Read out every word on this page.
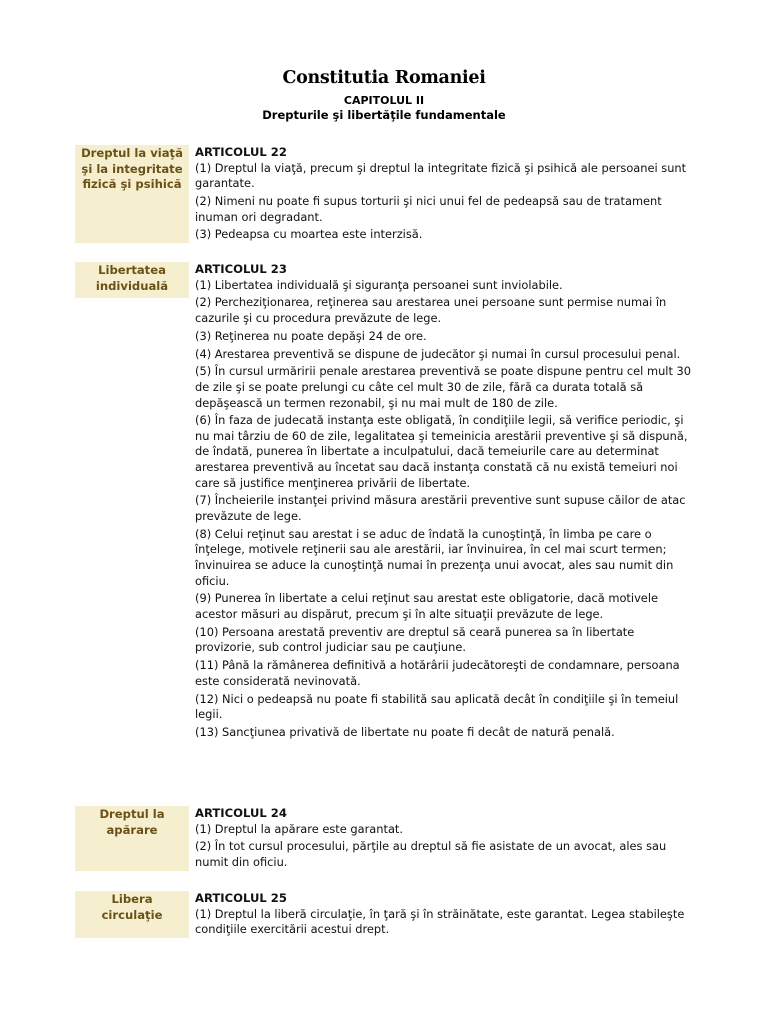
Constitutia Romaniei
CAPITOLUL II
Drepturile şi libertăţile fundamentale
Dreptul la viaţă
şi la integritate
fizică şi psihică
ARTICOLUL 22
(1) Dreptul la viaţă, precum şi dreptul la integritate fizică şi psihică ale persoanei sunt garantate.
(2) Nimeni nu poate fi supus torturii şi nici unui fel de pedeapsă sau de tratament inuman ori degradant.
(3) Pedeapsa cu moartea este interzisă.
Libertatea
individuală
ARTICOLUL 23
(1) Libertatea individuală şi siguranţa persoanei sunt inviolabile.
(2) Percheziţionarea, reţinerea sau arestarea unei persoane sunt permise numai în cazurile şi cu procedura prevăzute de lege.
(3) Reţinerea nu poate depăşi 24 de ore.
(4) Arestarea preventivă se dispune de judecător şi numai în cursul procesului penal.
(5) În cursul urmăririi penale arestarea preventivă se poate dispune pentru cel mult 30 de zile şi se poate prelungi cu câte cel mult 30 de zile, fără ca durata totală să depăşească un termen rezonabil, şi nu mai mult de 180 de zile.
(6) În faza de judecată instanţa este obligată, în condiţiile legii, să verifice periodic, şi nu mai târziu de 60 de zile, legalitatea şi temeinicia arestării preventive şi să dispună, de îndată, punerea în libertate a inculpatului, dacă temeiurile care au determinat arestarea preventivă au încetat sau dacă instanţa constată că nu există temeiuri noi care să justifice menţinerea privării de libertate.
(7) Încheierile instanţei privind măsura arestării preventive sunt supuse căilor de atac prevăzute de lege.
(8) Celui reţinut sau arestat i se aduc de îndată la cunoştinţă, în limba pe care o înţelege, motivele reţinerii sau ale arestării, iar învinuirea, în cel mai scurt termen; învinuirea se aduce la cunoştinţă numai în prezenţa unui avocat, ales sau numit din oficiu.
(9) Punerea în libertate a celui reţinut sau arestat este obligatorie, dacă motivele acestor măsuri au dispărut, precum şi în alte situaţii prevăzute de lege.
(10) Persoana arestată preventiv are dreptul să ceară punerea sa în libertate provizorie, sub control judiciar sau pe cauţiune.
(11) Până la rămânerea definitivă a hotărârii judecătoreşti de condamnare, persoana este considerată nevinovată.
(12) Nici o pedeapsă nu poate fi stabilită sau aplicată decât în condiţiile şi în temeiul legii.
(13) Sancţiunea privativă de libertate nu poate fi decât de natură penală.
Dreptul la
apărare
ARTICOLUL 24
(1) Dreptul la apărare este garantat.
(2) În tot cursul procesului, părţile au dreptul să fie asistate de un avocat, ales sau numit din oficiu.
Libera
circulaţie
ARTICOLUL 25
(1) Dreptul la liberă circulaţie, în ţară şi în străinătate, este garantat. Legea stabileşte condiţiile exercitării acestui drept.
